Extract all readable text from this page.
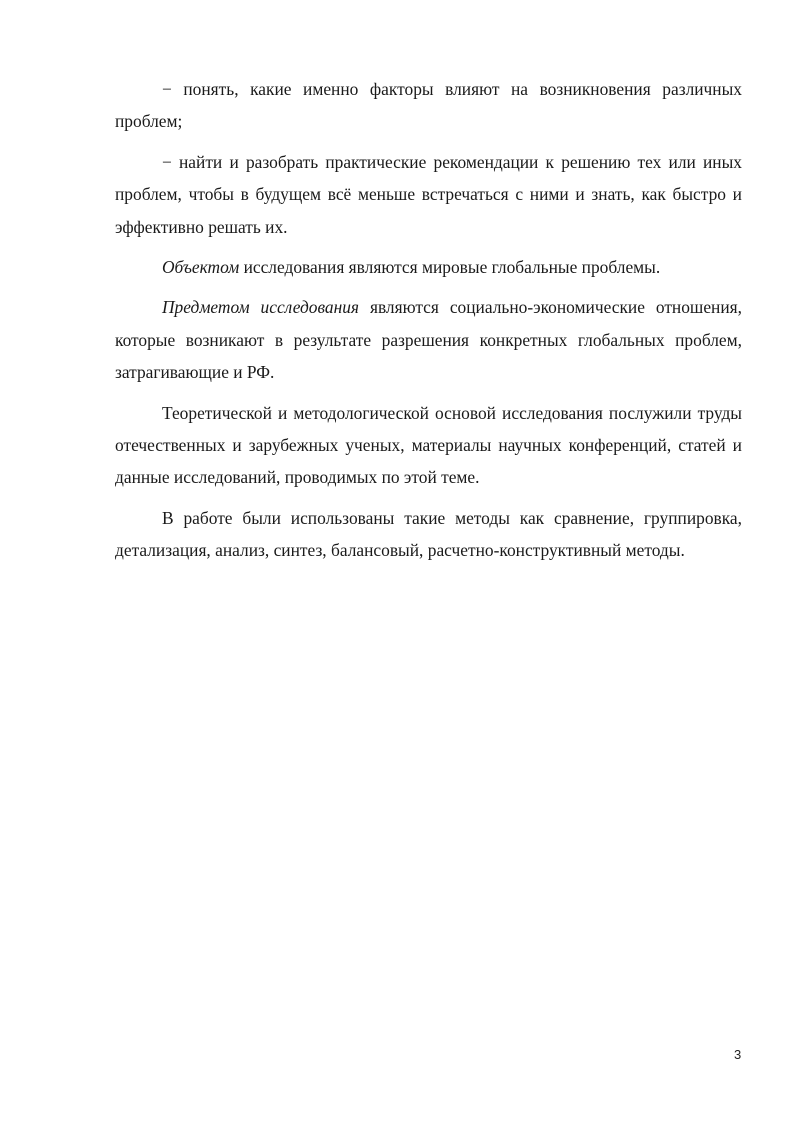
− понять, какие именно факторы влияют на возникновения различных проблем;

− найти и разобрать практические рекомендации к решению тех или иных проблем, чтобы в будущем всё меньше встречаться с ними и знать, как быстро и эффективно решать их.

Объектом исследования являются мировые глобальные проблемы.

Предметом исследования являются социально-экономические отношения, которые возникают в результате разрешения конкретных глобальных проблем, затрагивающие и РФ.

Теоретической и методологической основой исследования послужили труды отечественных и зарубежных ученых, материалы научных конференций, статей и данные исследований, проводимых по этой теме.

В работе были использованы такие методы как сравнение, группировка, детализация, анализ, синтез, балансовый, расчетно-конструктивный методы.

3
